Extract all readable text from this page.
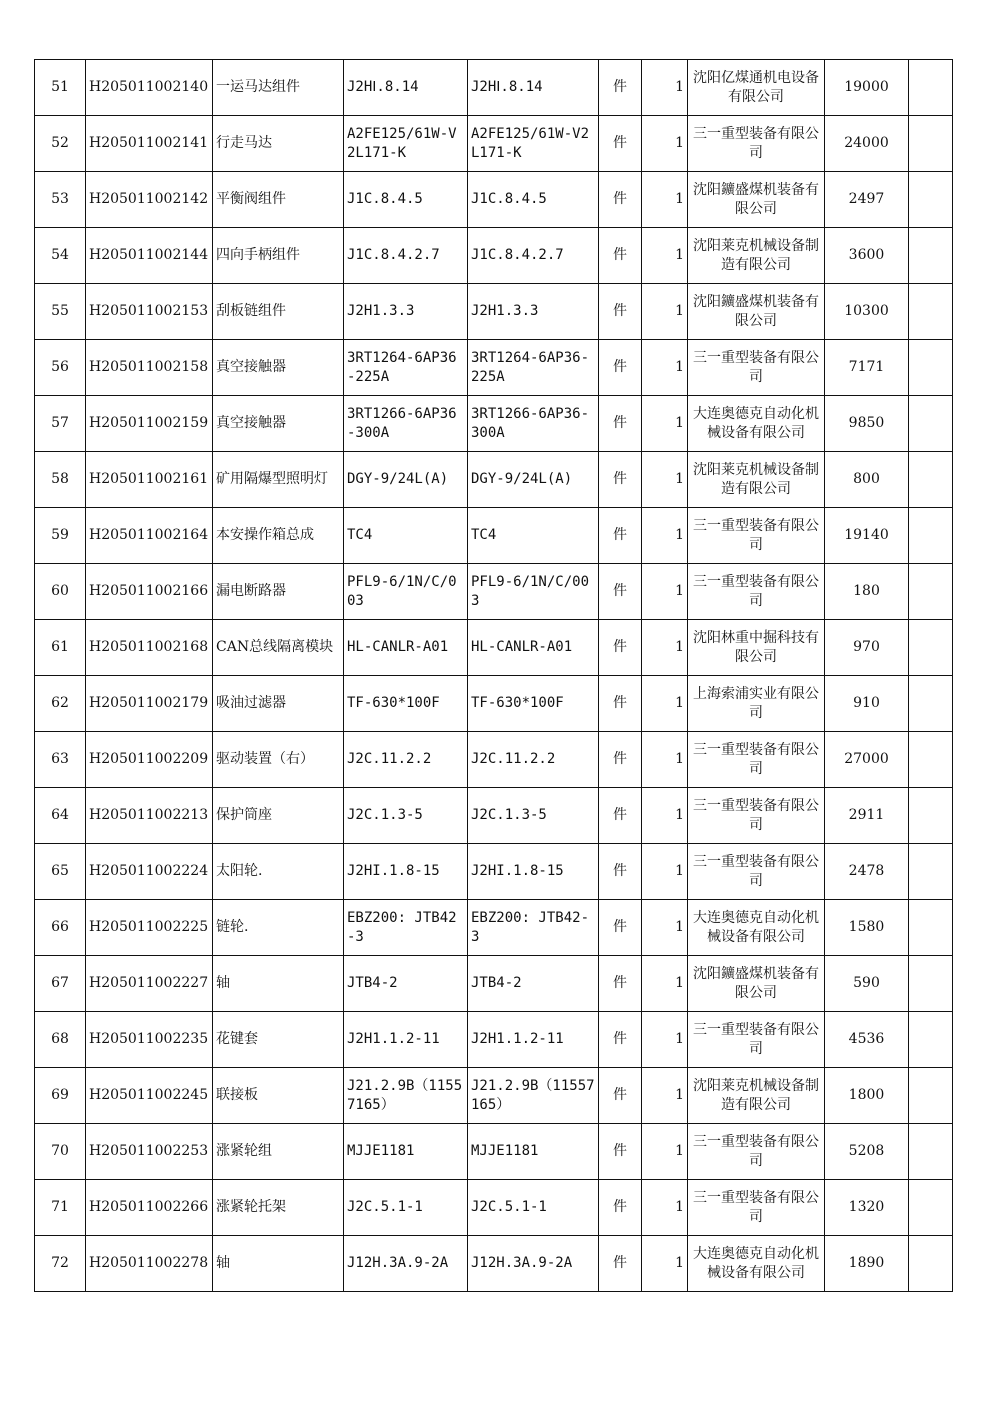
51	H205011002140	一运马达组件	J2HⅠ.8.14	J2HⅠ.8.14	件	1	沈阳亿煤通机电设备有限公司	19000	
52	H205011002141	行走马达	A2FE125/61W-V2L171-K	A2FE125/61W-V2L171-K	件	1	三一重型装备有限公司	24000	
53	H205011002142	平衡阀组件	J1C.8.4.5	J1C.8.4.5	件	1	沈阳鑛盛煤机装备有限公司	2497	
54	H205011002144	四向手柄组件	J1C.8.4.2.7	J1C.8.4.2.7	件	1	沈阳莱克机械设备制造有限公司	3600	
55	H205011002153	刮板链组件	J2H1.3.3	J2H1.3.3	件	1	沈阳鑛盛煤机装备有限公司	10300	
56	H205011002158	真空接触器	3RT1264-6AP36-225A	3RT1264-6AP36-225A	件	1	三一重型装备有限公司	7171	
57	H205011002159	真空接触器	3RT1266-6AP36-300A	3RT1266-6AP36-300A	件	1	大连奥德克自动化机械设备有限公司	9850	
58	H205011002161	矿用隔爆型照明灯	DGY-9/24L(A)	DGY-9/24L(A)	件	1	沈阳莱克机械设备制造有限公司	800	
59	H205011002164	本安操作箱总成	TC4	TC4	件	1	三一重型装备有限公司	19140	
60	H205011002166	漏电断路器	PFL9-6/1N/C/003	PFL9-6/1N/C/003	件	1	三一重型装备有限公司	180	
61	H205011002168	CAN总线隔离模块	HL-CANLR-A01	HL-CANLR-A01	件	1	沈阳林重中掘科技有限公司	970	
62	H205011002179	吸油过滤器	TF-630*100F	TF-630*100F	件	1	上海索浦实业有限公司	910	
63	H205011002209	驱动装置（右）	J2C.11.2.2	J2C.11.2.2	件	1	三一重型装备有限公司	27000	
64	H205011002213	保护筒座	J2C.1.3-5	J2C.1.3-5	件	1	三一重型装备有限公司	2911	
65	H205011002224	太阳轮.	J2HI.1.8-15	J2HI.1.8-15	件	1	三一重型装备有限公司	2478	
66	H205011002225	链轮.	EBZ200: JTB42-3	EBZ200: JTB42-3	件	1	大连奥德克自动化机械设备有限公司	1580	
67	H205011002227	轴	JTB4-2	JTB4-2	件	1	沈阳鑛盛煤机装备有限公司	590	
68	H205011002235	花键套	J2H1.1.2-11	J2H1.1.2-11	件	1	三一重型装备有限公司	4536	
69	H205011002245	联接板	J21.2.9B（11557165）	J21.2.9B（11557165）	件	1	沈阳莱克机械设备制造有限公司	1800	
70	H205011002253	涨紧轮组	MJJE1181	MJJE1181	件	1	三一重型装备有限公司	5208	
71	H205011002266	涨紧轮托架	J2C.5.1-1	J2C.5.1-1	件	1	三一重型装备有限公司	1320	
72	H205011002278	轴	J12H.3A.9-2A	J12H.3A.9-2A	件	1	大连奥德克自动化机械设备有限公司	1890	
